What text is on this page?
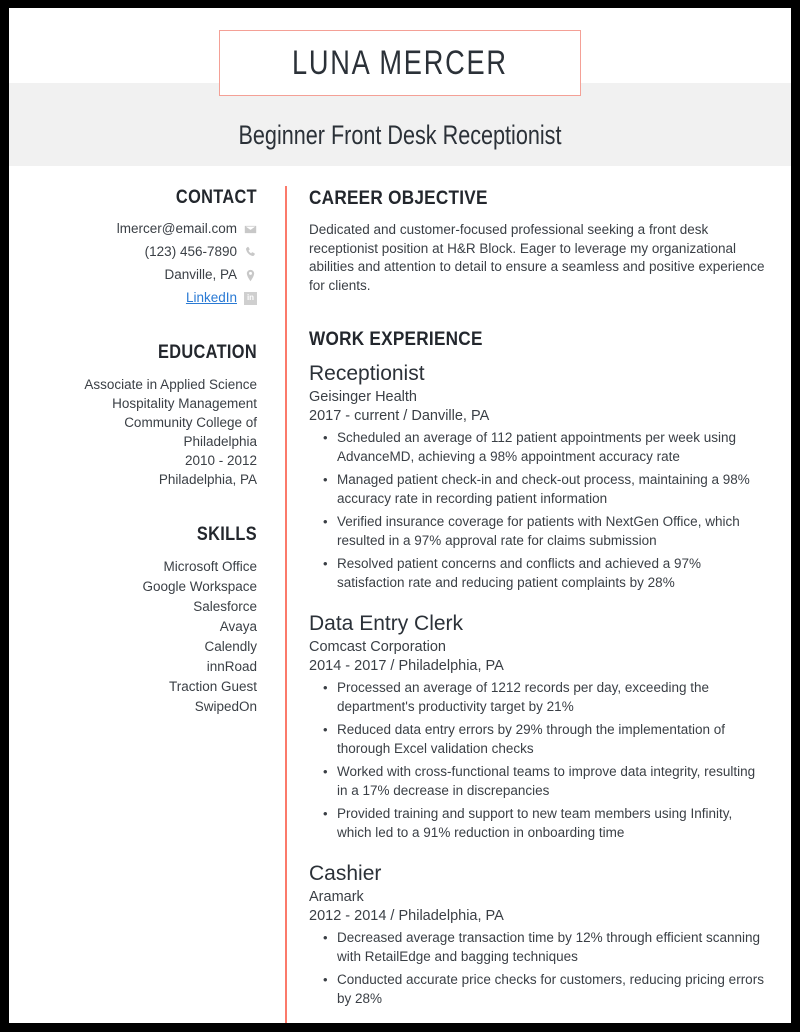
LUNA MERCER
Beginner Front Desk Receptionist
CONTACT
lmercer@email.com
(123) 456-7890
Danville, PA
LinkedIn	in
EDUCATION
Associate in Applied Science
Hospitality Management
Community College of
Philadelphia
2010 - 2012
Philadelphia, PA
SKILLS
Microsoft Office
Google Workspace
Salesforce
Avaya
Calendly
innRoad
Traction Guest
SwipedOn
CAREER OBJECTIVE

Dedicated and customer-focused professional seeking a front desk receptionist position at H&R Block. Eager to leverage my organizational abilities and attention to detail to ensure a seamless and positive experience for clients.

WORK EXPERIENCE
Receptionist
Geisinger Health
2017 - current / Danville, PA
• Scheduled an average of 112 patient appointments per week using AdvanceMD, achieving a 98% appointment accuracy rate
• Managed patient check-in and check-out process, maintaining a 98% accuracy rate in recording patient information
• Verified insurance coverage for patients with NextGen Office, which resulted in a 97% approval rate for claims submission
• Resolved patient concerns and conflicts and achieved a 97% satisfaction rate and reducing patient complaints by 28%
Data Entry Clerk
Comcast Corporation
2014 - 2017 / Philadelphia, PA
• Processed an average of 1212 records per day, exceeding the department's productivity target by 21%
• Reduced data entry errors by 29% through the implementation of thorough Excel validation checks
• Worked with cross-functional teams to improve data integrity, resulting in a 17% decrease in discrepancies
• Provided training and support to new team members using Infinity, which led to a 91% reduction in onboarding time
Cashier
Aramark
2012 - 2014 / Philadelphia, PA
• Decreased average transaction time by 12% through efficient scanning with RetailEdge and bagging techniques
• Conducted accurate price checks for customers, reducing pricing errors by 28%
